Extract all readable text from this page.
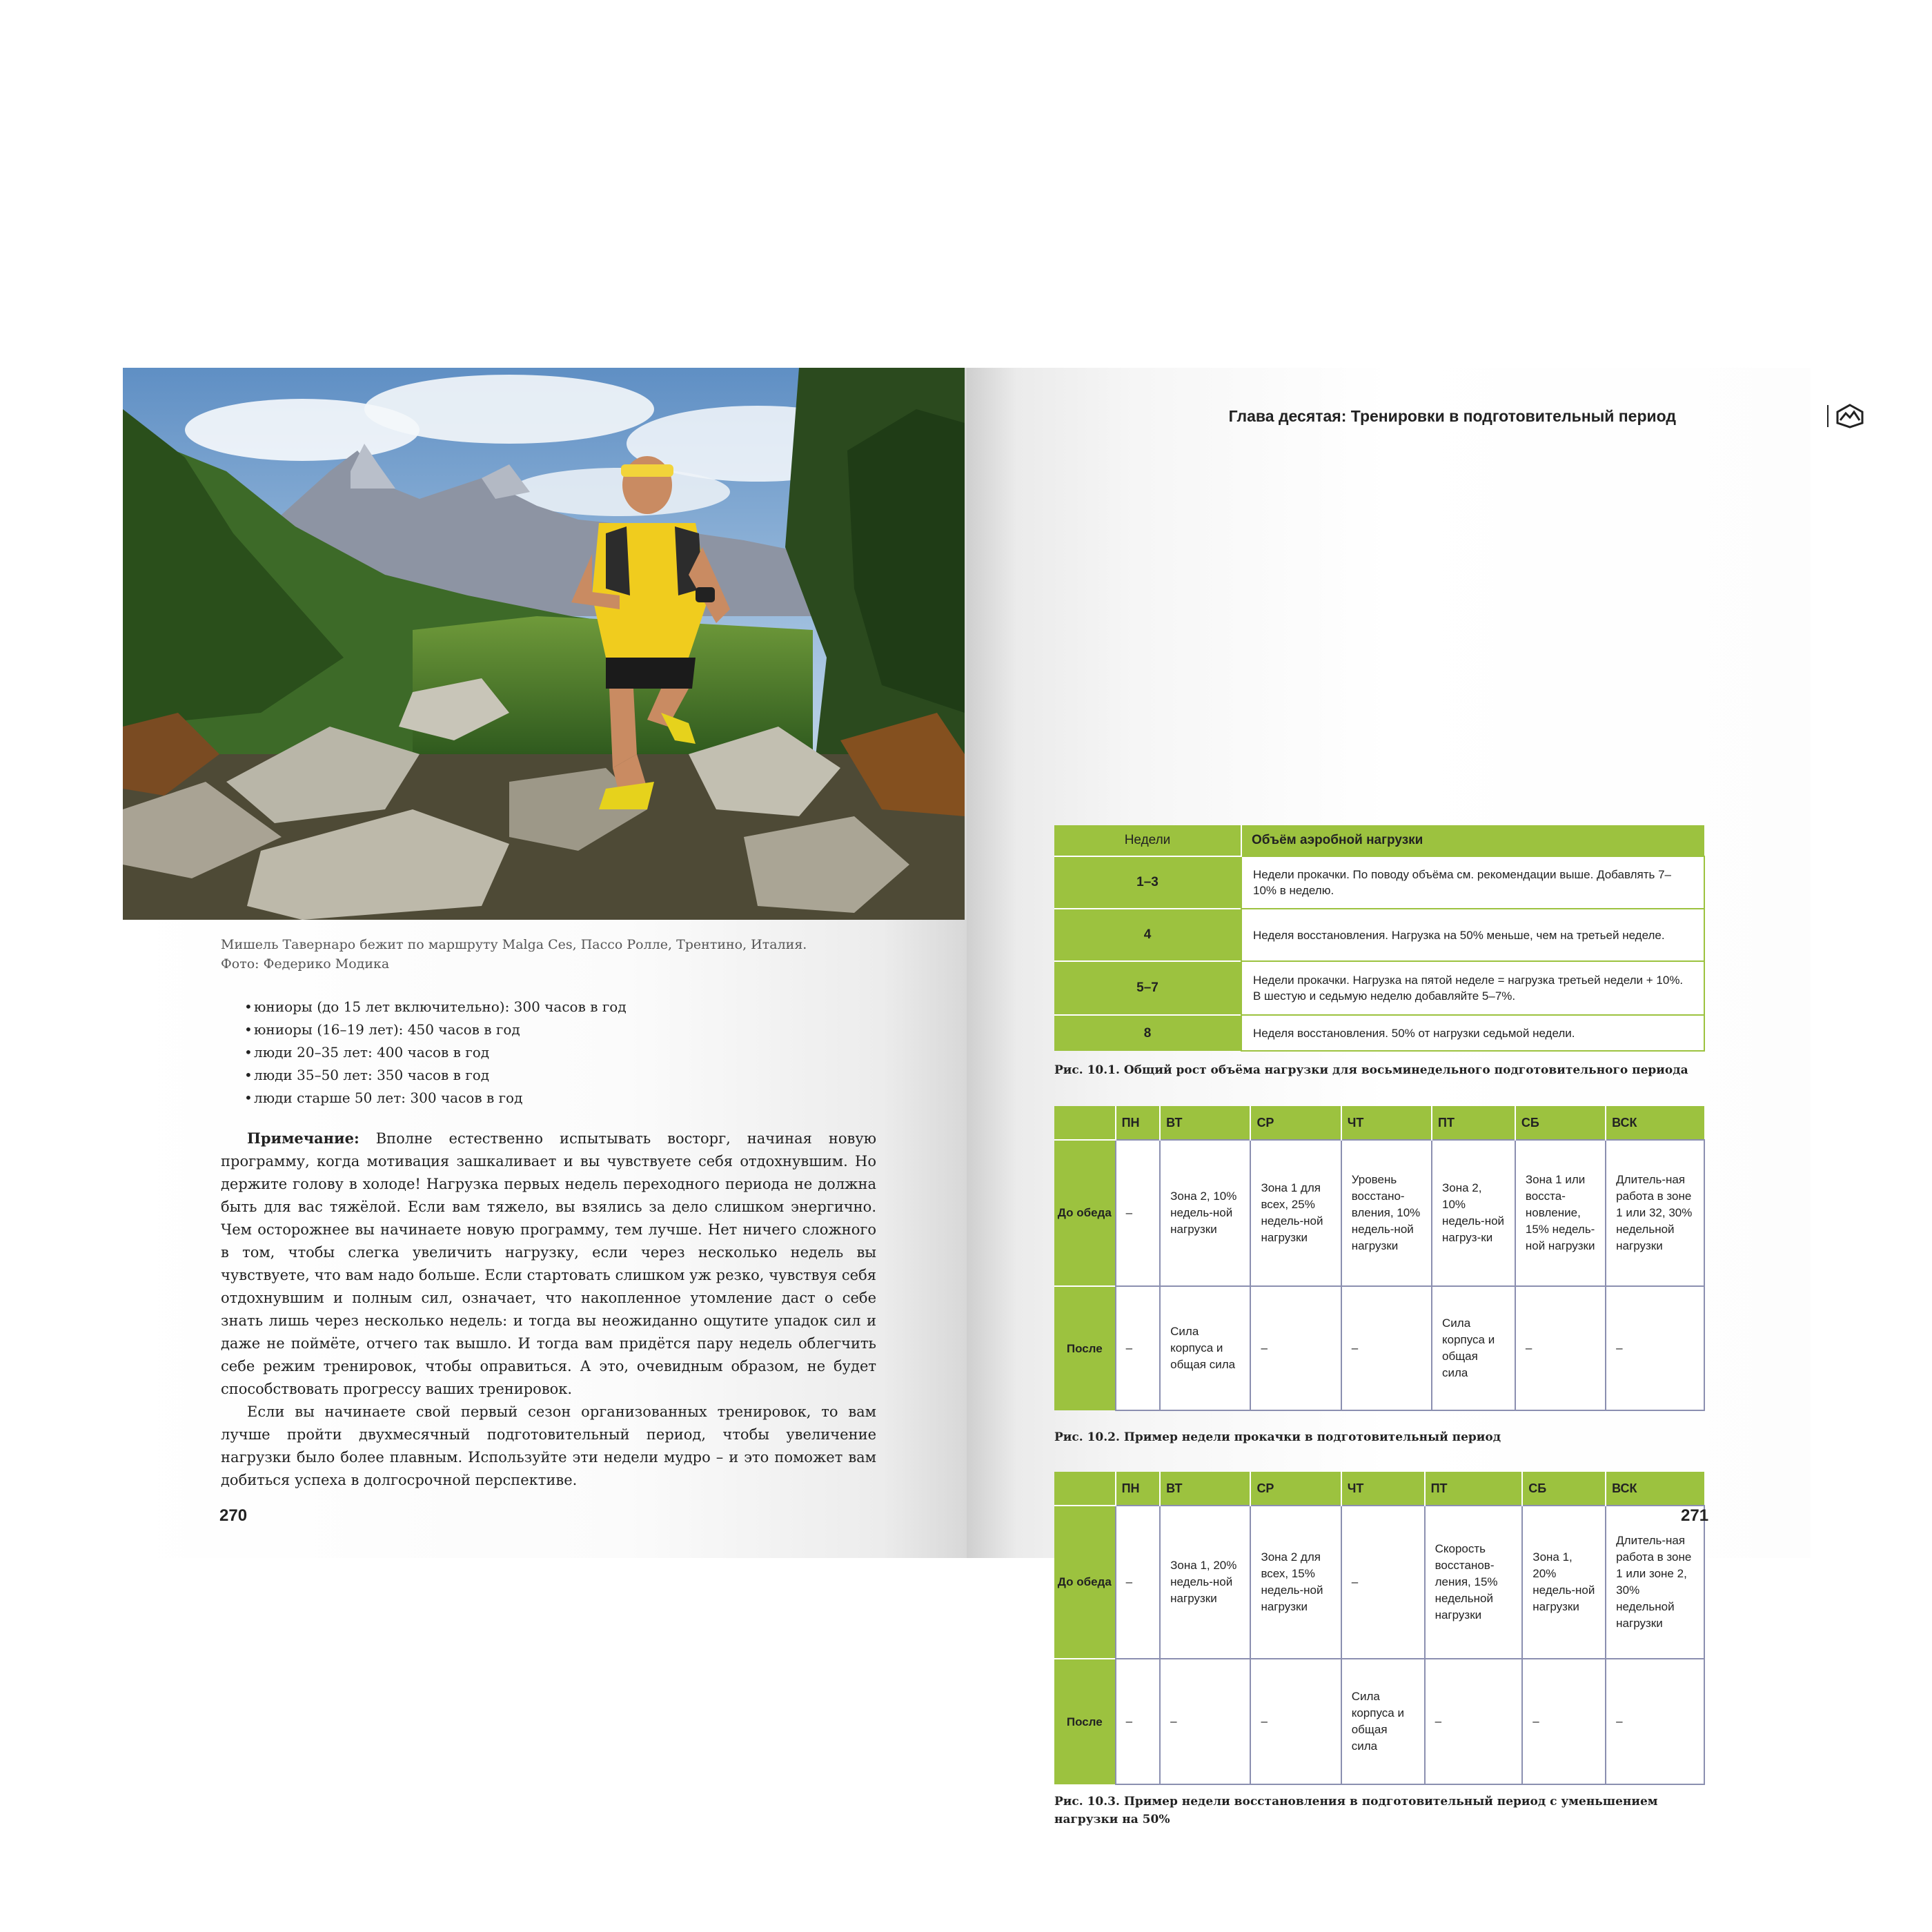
Мишель Тавернаро бежит по маршруту Malga Ces, Пассо Ролле, Трентино, Италия.
Фото: Федерико Модика
• юниоры (до 15 лет включительно): 300 часов в год
• юниоры (16–19 лет): 450 часов в год
• люди 20–35 лет: 400 часов в год
• люди 35–50 лет: 350 часов в год
• люди старше 50 лет: 300 часов в год

Примечание: Вполне естественно испытывать восторг, начиная новую программу, когда мотивация зашкаливает и вы чувствуете себя отдохнувшим. Но держите голову в холоде! Нагрузка первых недель переходного периода не должна быть для вас тяжёлой. Если вам тяжело, вы взялись за дело слишком энергично. Чем осторожнее вы начинаете новую программу, тем лучше. Нет ничего сложного в том, чтобы слегка увеличить нагрузку, если через несколько недель вы чувствуете, что вам надо больше. Если стартовать слишком уж резко, чувствуя себя отдохнувшим и полным сил, означает, что накопленное утомление даст о себе знать лишь через несколько недель: и тогда вы неожиданно ощутите упадок сил и даже не поймёте, отчего так вышло. И тогда вам придётся пару недель облегчить себе режим тренировок, чтобы оправиться. А это, очевидным образом, не будет способствовать прогрессу ваших тренировок.

Если вы начинаете свой первый сезон организованных тренировок, то вам лучше пройти двухмесячный подготовительный период, чтобы увеличение нагрузки было более плавным. Используйте эти недели мудро – и это поможет вам добиться успеха в долгосрочной перспективе.

270
Глава десятая: Тренировки в подготовительный период
Недели	Объём аэробной нагрузки
1–3	Недели прокачки. По поводу объёма см. рекомендации выше. Добавлять 7–10% в неделю.
4	Неделя восстановления. Нагрузка на 50% меньше, чем на третьей неделе.
5–7	Недели прокачки. Нагрузка на пятой неделе = нагрузка третьей недели + 10%. В шестую и седьмую неделю добавляйте 5–7%.
8	Неделя восстановления. 50% от нагрузки седьмой недели.
Рис. 10.1. Общий рост объёма нагрузки для восьминедельного подготовительного периода
	ПН	ВТ	СР	ЧТ	ПТ	СБ	ВСК
До обеда	–	Зона 2, 10% недель-ной нагрузки	Зона 1 для всех, 25% недель-ной нагрузки	Уровень восстано-вления, 10% недель-ной нагрузки	Зона 2, 10% недель-ной нагруз-ки	Зона 1 или восста-новление, 15% недель-ной нагрузки	Длитель-ная работа в зоне 1 или 32, 30% недельной нагрузки
После	–	Сила корпуса и общая сила	–	–	Сила корпуса и общая сила	–	–
Рис. 10.2. Пример недели прокачки в подготовительный период
	ПН	ВТ	СР	ЧТ	ПТ	СБ	ВСК
До обеда	–	Зона 1, 20% недель-ной нагрузки	Зона 2 для всех, 15% недель-ной нагрузки	–	Скорость восстанов-ления, 15% недельной нагрузки	Зона 1, 20% недель-ной нагрузки	Длитель-ная работа в зоне 1 или зоне 2, 30% недельной нагрузки
После	–	–	–	Сила корпуса и общая сила	–	–	–
Рис. 10.3. Пример недели восстановления в подготовительный период с уменьшением нагрузки на 50%
271
